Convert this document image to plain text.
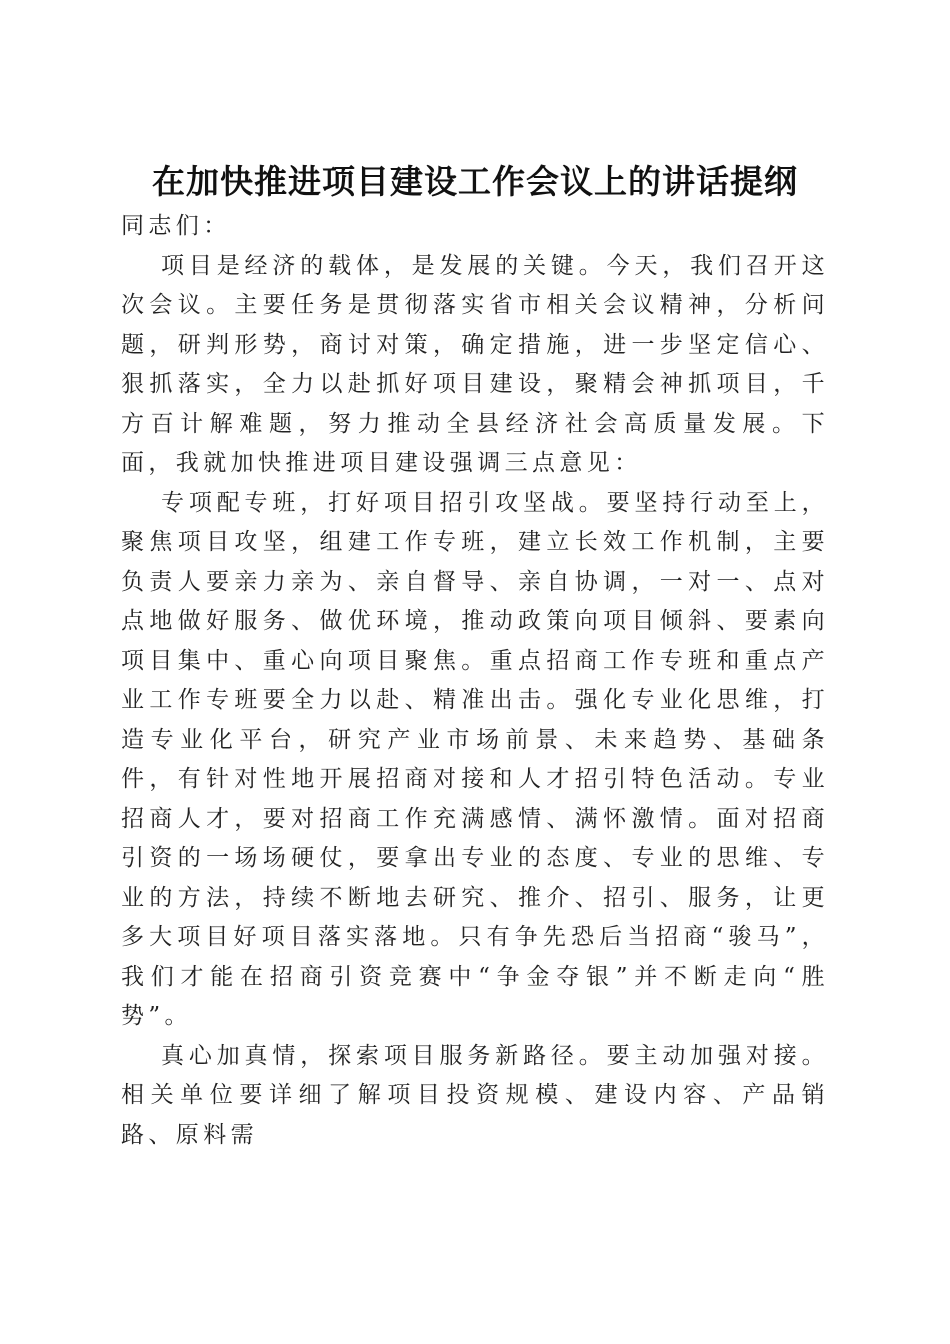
在加快推进项目建设工作会议上的讲话提纲

同志们：

项目是经济的载体，是发展的关键。今天，我们召开这次会议。主要任务是贯彻落实省市相关会议精神，分析问题，研判形势，商讨对策，确定措施，进一步坚定信心、狠抓落实，全力以赴抓好项目建设，聚精会神抓项目，千方百计解难题，努力推动全县经济社会高质量发展。下面，我就加快推进项目建设强调三点意见：

专项配专班，打好项目招引攻坚战。要坚持行动至上，聚焦项目攻坚，组建工作专班，建立长效工作机制，主要负责人要亲力亲为、亲自督导、亲自协调，一对一、点对点地做好服务、做优环境，推动政策向项目倾斜、要素向项目集中、重心向项目聚焦。重点招商工作专班和重点产业工作专班要全力以赴、精准出击。强化专业化思维，打造专业化平台，研究产业市场前景、未来趋势、基础条件，有针对性地开展招商对接和人才招引特色活动。专业招商人才，要对招商工作充满感情、满怀激情。面对招商引资的一场场硬仗，要拿出专业的态度、专业的思维、专业的方法，持续不断地去研究、推介、招引、服务，让更多大项目好项目落实落地。只有争先恐后当招商“骏马”，我们才能在招商引资竞赛中“争金夺银”并不断走向“胜势”。

真心加真情，探索项目服务新路径。要主动加强对接。相关单位要详细了解项目投资规模、建设内容、产品销路、原料需
